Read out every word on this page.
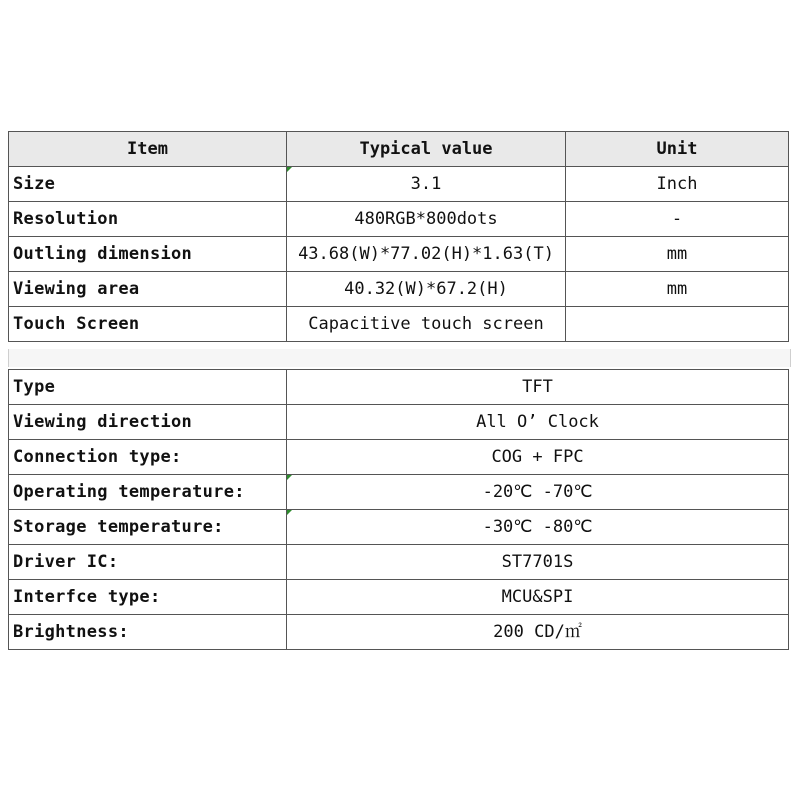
Item	Typical value	Unit
Size	3.1	Inch
Resolution	480RGB*800dots	-
Outling dimension	43.68(W)*77.02(H)*1.63(T)	mm
Viewing area	40.32(W)*67.2(H)	mm
Touch Screen	Capacitive touch screen	
Type	TFT
Viewing direction	All O’ Clock
Connection type:	COG + FPC
Operating temperature:	-20℃ -70℃
Storage temperature:	-30℃ -80℃
Driver IC:	ST7701S
Interfce type:	MCU&SPI
Brightness:	200 CD/㎡
